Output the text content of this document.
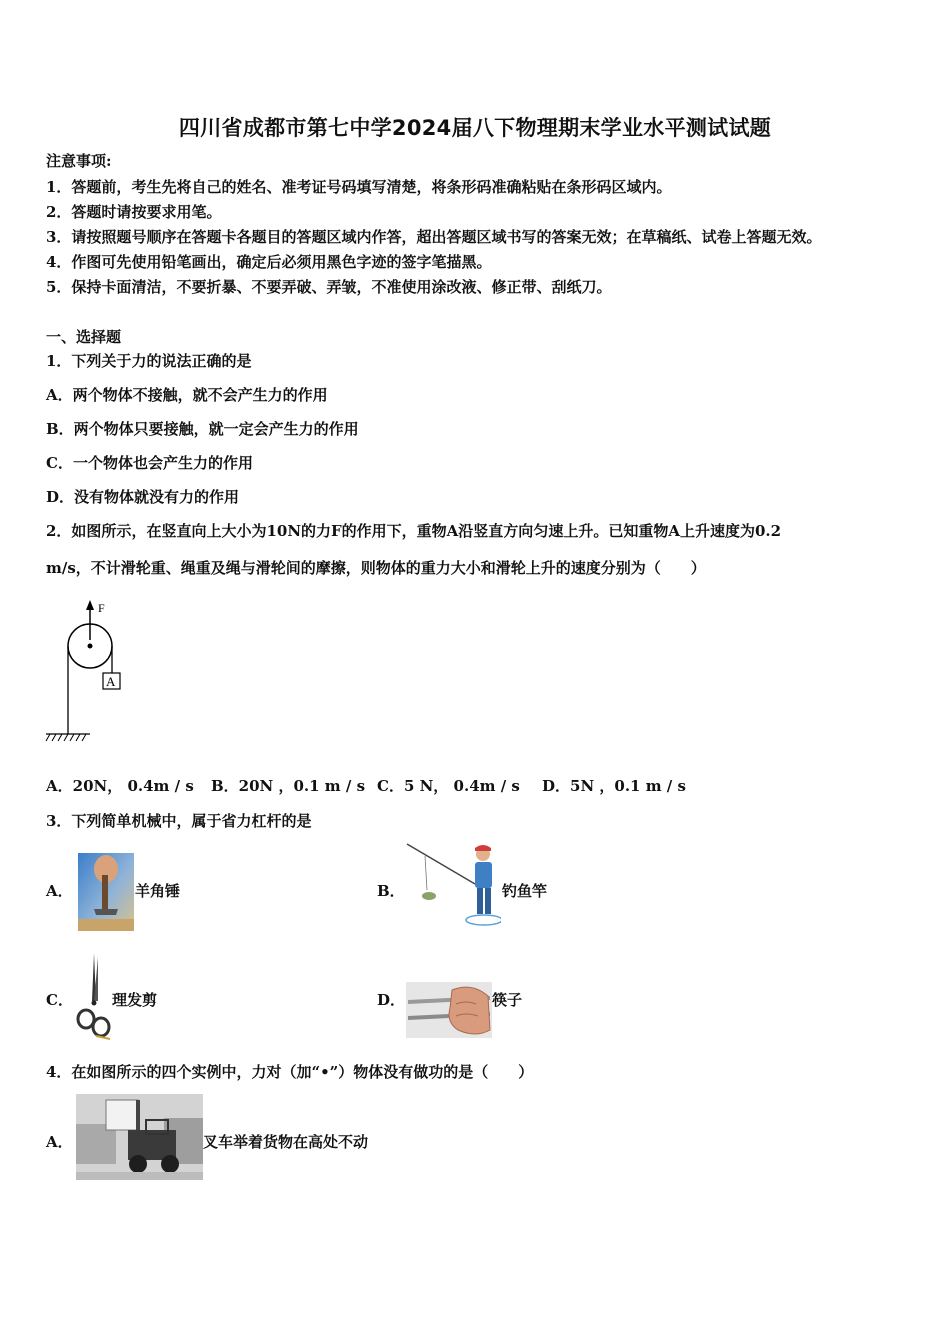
四川省成都市第七中学2024届八下物理期末学业水平测试试题
注意事项:
1．答题前，考生先将自己的姓名、准考证号码填写清楚，将条形码准确粘贴在条形码区域内。
2．答题时请按要求用笔。
3．请按照题号顺序在答题卡各题目的答题区域内作答，超出答题区域书写的答案无效；在草稿纸、试卷上答题无效。
4．作图可先使用铅笔画出，确定后必须用黑色字迹的签字笔描黑。
5．保持卡面清洁，不要折暴、不要弄破、弄皱，不准使用涂改液、修正带、刮纸刀。
一、选择题
1．下列关于力的说法正确的是
A．两个物体不接触，就不会产生力的作用
B．两个物体只要接触，就一定会产生力的作用
C．一个物体也会产生力的作用
D．没有物体就没有力的作用
2．如图所示，在竖直向上大小为10N的力F的作用下，重物A沿竖直方向匀速上升。已知重物A上升速度为0.2
m/s，不计滑轮重、绳重及绳与滑轮间的摩擦，则物体的重力大小和滑轮上升的速度分别为（　　）
F
A
A．20N， 0.4m / s B．20N ，0.1 m / s C．5 N， 0.4m / s D．5N ，0.1 m / s
3．下列简单机械中，属于省力杠杆的是
A．	羊角锤	B．	钓鱼竿
C．	理发剪	D．	筷子
4．在如图所示的四个实例中，力对（加“•”）物体没有做功的是（　　）
A．	叉车举着货物在高处不动
